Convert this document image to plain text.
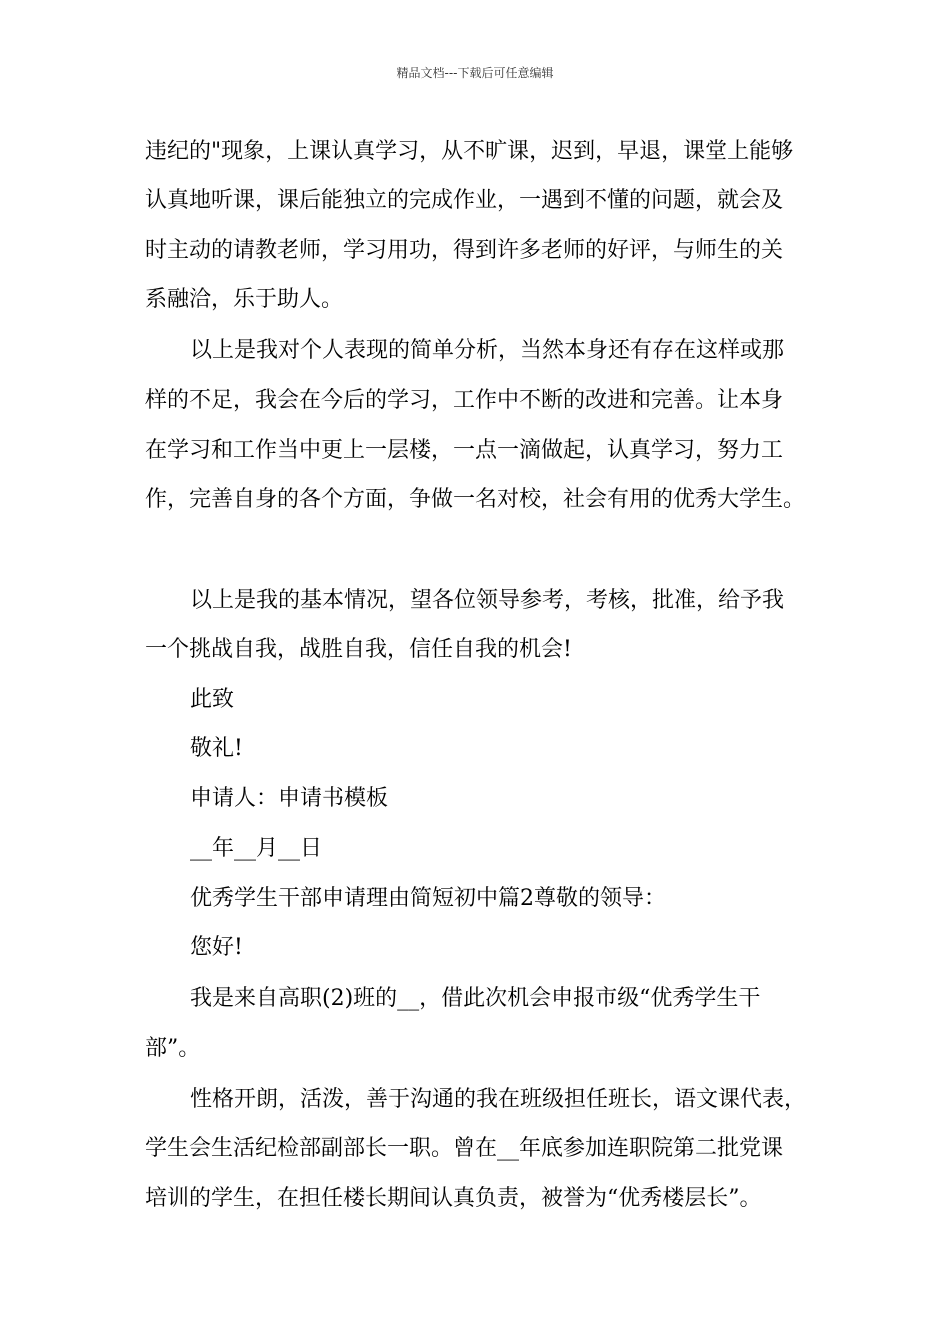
精品文档---下载后可任意编辑
违纪的"现象，上课认真学习，从不旷课，迟到，早退，课堂上能够
认真地听课，课后能独立的完成作业，一遇到不懂的问题，就会及
时主动的请教老师，学习用功，得到许多老师的好评，与师生的关
系融洽，乐于助人。
以上是我对个人表现的简单分析，当然本身还有存在这样或那
样的不足，我会在今后的学习，工作中不断的改进和完善。让本身
在学习和工作当中更上一层楼，一点一滴做起，认真学习，努力工
作，完善自身的各个方面，争做一名对校，社会有用的优秀大学生。
以上是我的基本情况，望各位领导参考，考核，批准，给予我
一个挑战自我，战胜自我，信任自我的机会!
此致
敬礼!
申请人：申请书模板
__年__月__日
优秀学生干部申请理由简短初中篇2尊敬的领导：
您好!
我是来自高职(2)班的__，借此次机会申报市级“优秀学生干
部”。
性格开朗，活泼，善于沟通的我在班级担任班长，语文课代表，
学生会生活纪检部副部长一职。曾在__年底参加连职院第二批党课
培训的学生，在担任楼长期间认真负责，被誉为“优秀楼层长”。
